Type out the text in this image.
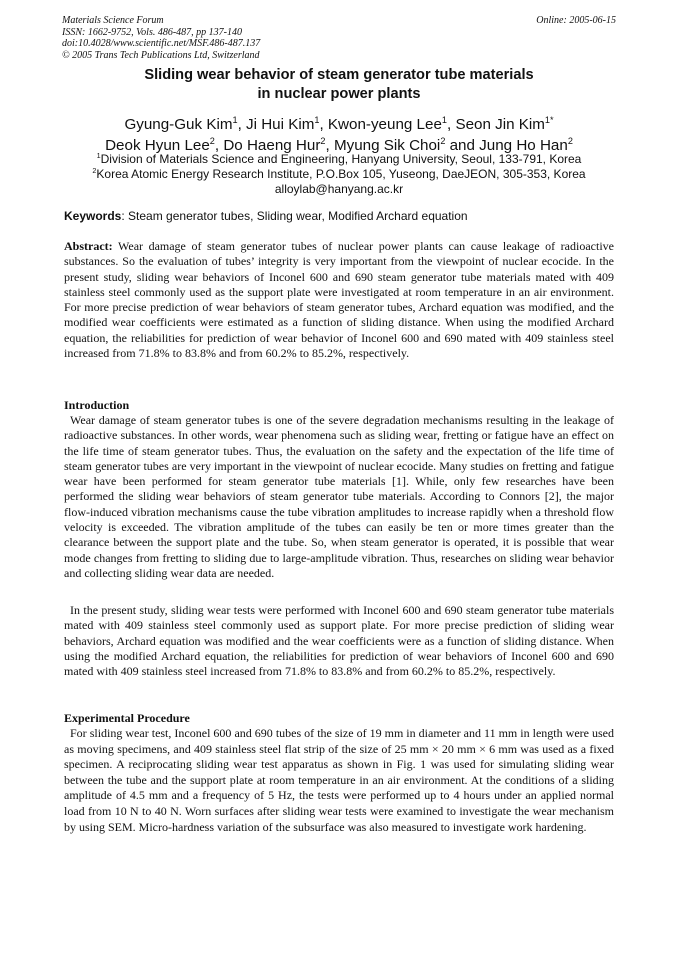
Materials Science Forum
ISSN: 1662-9752, Vols. 486-487, pp 137-140
doi:10.4028/www.scientific.net/MSF.486-487.137
© 2005 Trans Tech Publications Ltd, Switzerland
Online: 2005-06-15
Sliding wear behavior of steam generator tube materials
in nuclear power plants
Gyung-Guk Kim$^1$, Ji Hui Kim$^1$, Kwon-yeung Lee$^1$, Seon Jin Kim$^{1*}$
Deok Hyun Lee$^2$, Do Haeng Hur$^2$, Myung Sik Choi$^2$ and Jung Ho Han$^2$
$^1$Division of Materials Science and Engineering, Hanyang University, Seoul, 133-791, Korea
$^2$Korea Atomic Energy Research Institute, P.O.Box 105, Yuseong, DaeJEON, 305-353, Korea
alloylab@hanyang.ac.kr
Keywords: Steam generator tubes, Sliding wear, Modified Archard equation
Abstract: Wear damage of steam generator tubes of nuclear power plants can cause leakage of radioactive substances. So the evaluation of tubes’ integrity is very important from the viewpoint of nuclear ecocide. In the present study, sliding wear behaviors of Inconel 600 and 690 steam generator tube materials mated with 409 stainless steel commonly used as the support plate were investigated at room temperature in an air environment. For more precise prediction of wear behaviors of steam generator tubes, Archard equation was modified, and the modified wear coefficients were estimated as a function of sliding distance. When using the modified Archard equation, the reliabilities for prediction of wear behavior of Inconel 600 and 690 mated with 409 stainless steel increased from 71.8% to 83.8% and from 60.2% to 85.2%, respectively.
Introduction
Wear damage of steam generator tubes is one of the severe degradation mechanisms resulting in the leakage of radioactive substances. In other words, wear phenomena such as sliding wear, fretting or fatigue have an effect on the life time of steam generator tubes. Thus, the evaluation on the safety and the expectation of the life time of steam generator tubes are very important in the viewpoint of nuclear ecocide. Many studies on fretting and fatigue wear have been performed for steam generator tube materials [1]. While, only few researches have been performed the sliding wear behaviors of steam generator tube materials. According to Connors [2], the major flow-induced vibration mechanisms cause the tube vibration amplitudes to increase rapidly when a threshold flow velocity is exceeded. The vibration amplitude of the tubes can easily be ten or more times greater than the clearance between the support plate and the tube. So, when steam generator is operated, it is possible that wear mode changes from fretting to sliding due to large-amplitude vibration. Thus, researches on sliding wear behavior and collecting sliding wear data are needed.
In the present study, sliding wear tests were performed with Inconel 600 and 690 steam generator tube materials mated with 409 stainless steel commonly used as support plate. For more precise prediction of sliding wear behaviors, Archard equation was modified and the wear coefficients were as a function of sliding distance. When using the modified Archard equation, the reliabilities for prediction of wear behaviors of Inconel 600 and 690 mated with 409 stainless steel increased from 71.8% to 83.8% and from 60.2% to 85.2%, respectively.
Experimental Procedure
For sliding wear test, Inconel 600 and 690 tubes of the size of 19 mm in diameter and 11 mm in length were used as moving specimens, and 409 stainless steel flat strip of the size of 25 mm × 20 mm × 6 mm was used as a fixed specimen. A reciprocating sliding wear test apparatus as shown in Fig. 1 was used for simulating sliding wear between the tube and the support plate at room temperature in an air environment. At the conditions of a sliding amplitude of 4.5 mm and a frequency of 5 Hz, the tests were performed up to 4 hours under an applied normal load from 10 N to 40 N. Worn surfaces after sliding wear tests were examined to investigate the wear mechanism by using SEM. Micro-hardness variation of the subsurface was also measured to investigate work hardening.
